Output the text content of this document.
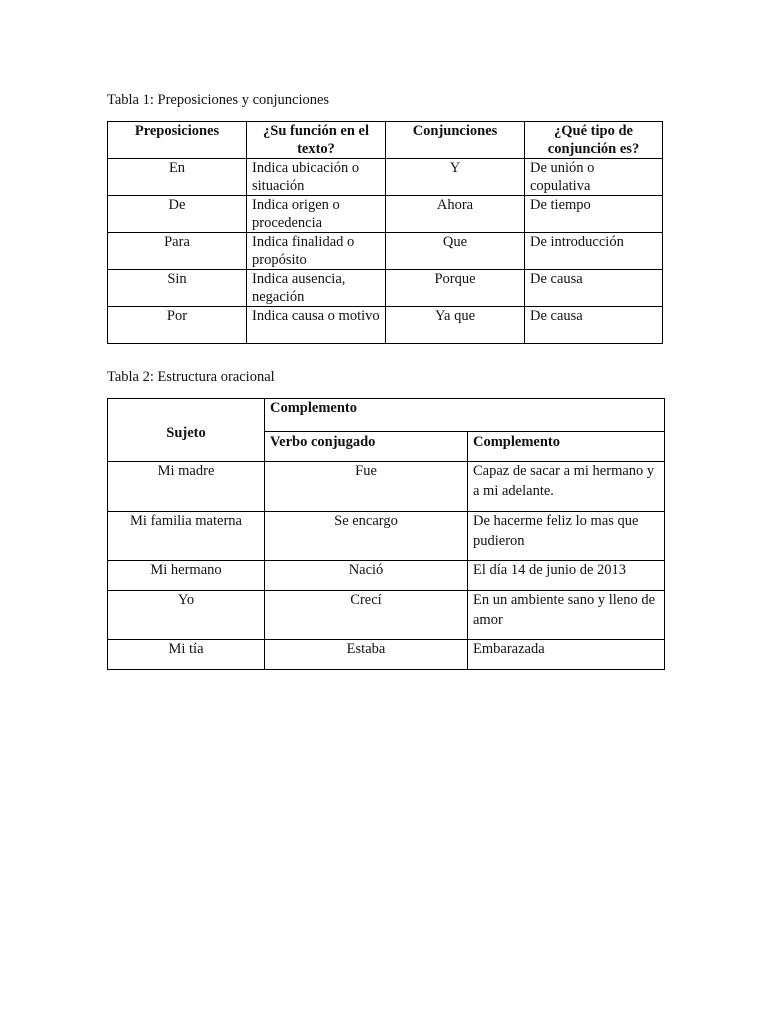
Tabla 1: Preposiciones y conjunciones
Preposiciones	¿Su función en el texto?	Conjunciones	¿Qué tipo de conjunción es?
En	Indica ubicación o situación	Y	De unión o copulativa
De	Indica origen o procedencia	Ahora	De tiempo
Para	Indica finalidad o propósito	Que	De introducción
Sin	Indica ausencia, negación	Porque	De causa
Por	Indica causa o motivo	Ya que	De causa
Tabla 2: Estructura oracional
Sujeto	Complemento	
	Verbo conjugado	Complemento
Mi madre	Fue	Capaz de sacar a mi hermano y a mi adelante.
Mi familia materna	Se encargo	De hacerme feliz lo mas que pudieron
Mi hermano	Nació	El día 14 de junio de 2013
Yo	Crecí	En un ambiente sano y lleno de amor
Mi tía	Estaba	Embarazada
